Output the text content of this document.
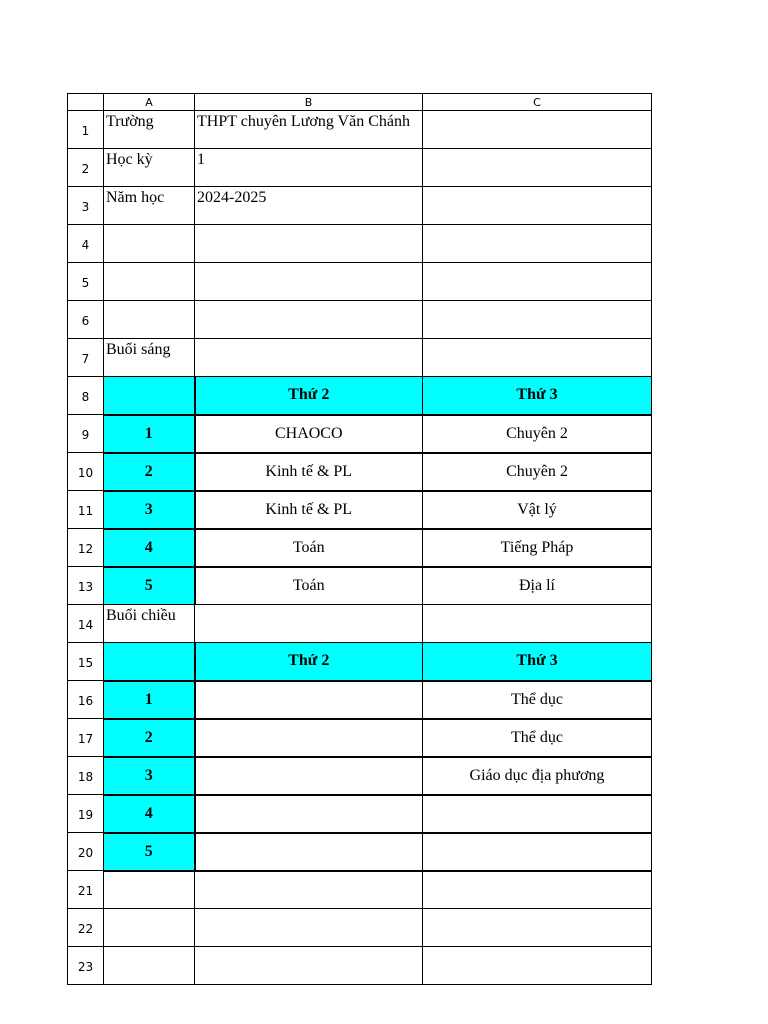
	A	B	C
1	Trường	THPT chuyên Lương Văn Chánh	
2	Học kỳ	1	
3	Năm học	2024-2025	
4			
5			
6			
7	Buổi sáng		
8		Thứ 2	Thứ 3
9	1	CHAOCO	Chuyên 2
10	2	Kinh tế & PL	Chuyên 2
11	3	Kinh tế & PL	Vật lý
12	4	Toán	Tiếng Pháp
13	5	Toán	Địa lí
14	Buổi chiều		
15		Thứ 2	Thứ 3
16	1		Thể dục
17	2		Thể dục
18	3		Giáo dục địa phương
19	4		
20	5		
21			
22			
23			
